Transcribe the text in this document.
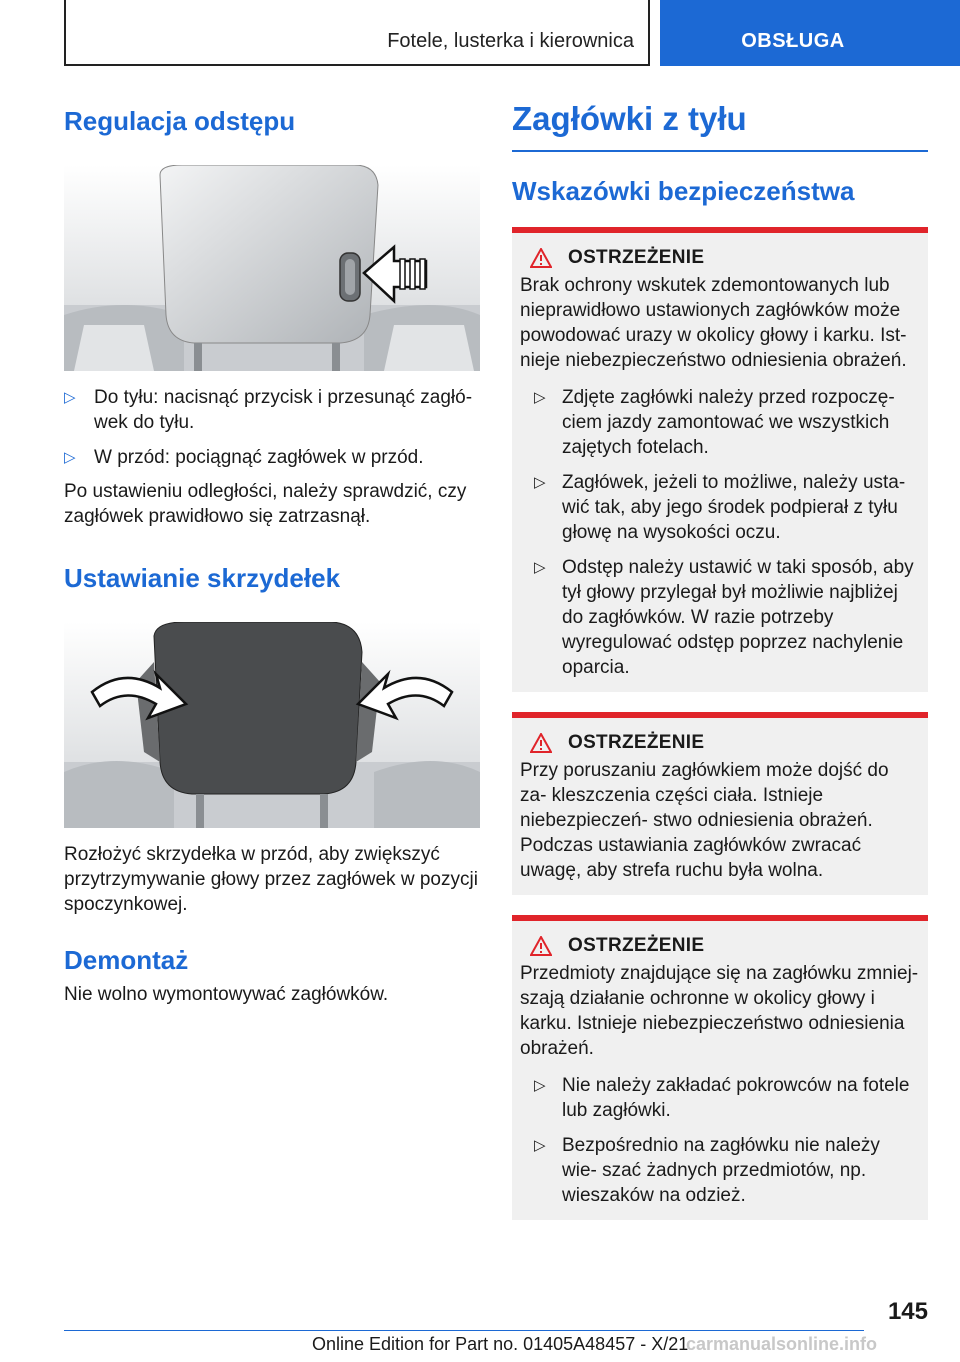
Fotele, lusterka i kierownica	OBSŁUGA
Regulacja odstępu
▷ Do tyłu: nacisnąć przycisk i przesunąć zagłó- wek do tyłu.
▷ W przód: pociągnąć zagłówek w przód.

Po ustawieniu odległości, należy sprawdzić, czy zagłówek prawidłowo się zatrzasnął.

Ustawianie skrzydełek

Rozłożyć skrzydełka w przód, aby zwiększyć przytrzymywanie głowy przez zagłówek w pozycji spoczynkowej.

Demontaż

Nie wolno wymontowywać zagłówków.

Zagłówki z tyłu
Wskazówki bezpieczeństwa
OSTRZEŻENIE

Brak ochrony wskutek zdemontowanych lub nieprawidłowo ustawionych zagłówków może powodować urazy w okolicy głowy i karku. Ist- nieje niebezpieczeństwo odniesienia obrażeń.

▷ Zdjęte zagłówki należy przed rozpoczę- ciem jazdy zamontować we wszystkich zajętych fotelach.
▷ Zagłówek, jeżeli to możliwe, należy usta- wić tak, aby jego środek podpierał z tyłu głowę na wysokości oczu.
▷ Odstęp należy ustawić w taki sposób, aby tył głowy przylegał był możliwie najbliżej do zagłówków. W razie potrzeby wyregulować odstęp poprzez nachylenie oparcia.
OSTRZEŻENIE

Przy poruszaniu zagłówkiem może dojść do za- kleszczenia części ciała. Istnieje niebezpieczeń- stwo odniesienia obrażeń. Podczas ustawiania zagłówków zwracać uwagę, aby strefa ruchu była wolna.

OSTRZEŻENIE

Przedmioty znajdujące się na zagłówku zmniej- szają działanie ochronne w okolicy głowy i karku. Istnieje niebezpieczeństwo odniesienia obrażeń.

▷ Nie należy zakładać pokrowców na fotele lub zagłówki.
▷ Bezpośrednio na zagłówku nie należy wie- szać żadnych przedmiotów, np. wieszaków na odzież.
145
Online Edition for Part no. 01405A48457 - X/21
carmanualsonline.info
